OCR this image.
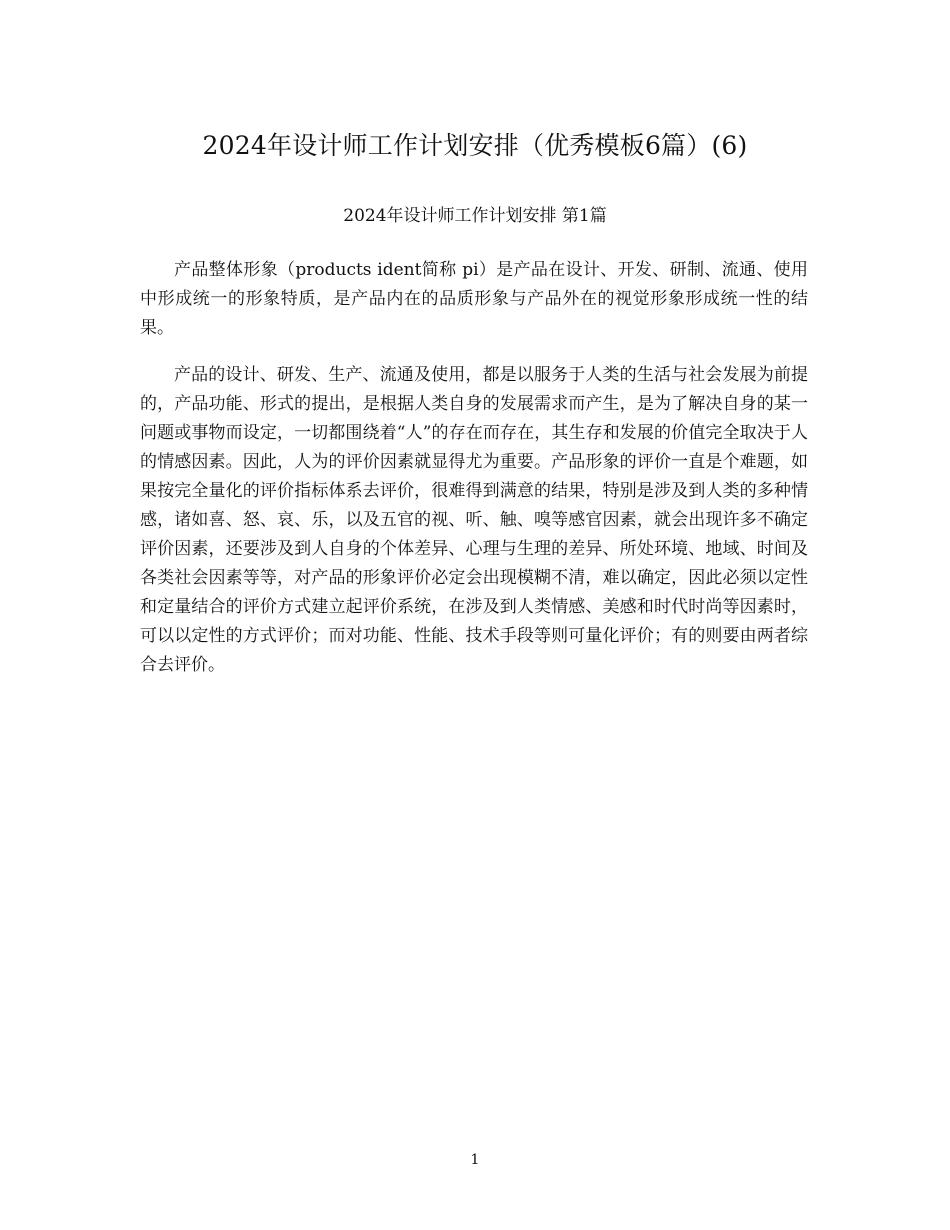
2024年设计师工作计划安排（优秀模板6篇）(6)
2024年设计师工作计划安排 第1篇

产品整体形象（products ident简称 pi）是产品在设计、开发、研制、流通、使用中形成统一的形象特质，是产品内在的品质形象与产品外在的视觉形象形成统一性的结果。

产品的设计、研发、生产、流通及使用，都是以服务于人类的生活与社会发展为前提的，产品功能、形式的提出，是根据人类自身的发展需求而产生，是为了解决自身的某一问题或事物而设定，一切都围绕着“人”的存在而存在，其生存和发展的价值完全取决于人的情感因素。因此，人为的评价因素就显得尤为重要。产品形象的评价一直是个难题，如果按完全量化的评价指标体系去评价，很难得到满意的结果，特别是涉及到人类的多种情感，诸如喜、怒、哀、乐，以及五官的视、听、触、嗅等感官因素，就会出现许多不确定评价因素，还要涉及到人自身的个体差异、心理与生理的差异、所处环境、地域、时间及各类社会因素等等，对产品的形象评价必定会出现模糊不清，难以确定，因此必须以定性和定量结合的评价方式建立起评价系统，在涉及到人类情感、美感和时代时尚等因素时，可以以定性的方式评价；而对功能、性能、技术手段等则可量化评价；有的则要由两者综合去评价。

1
